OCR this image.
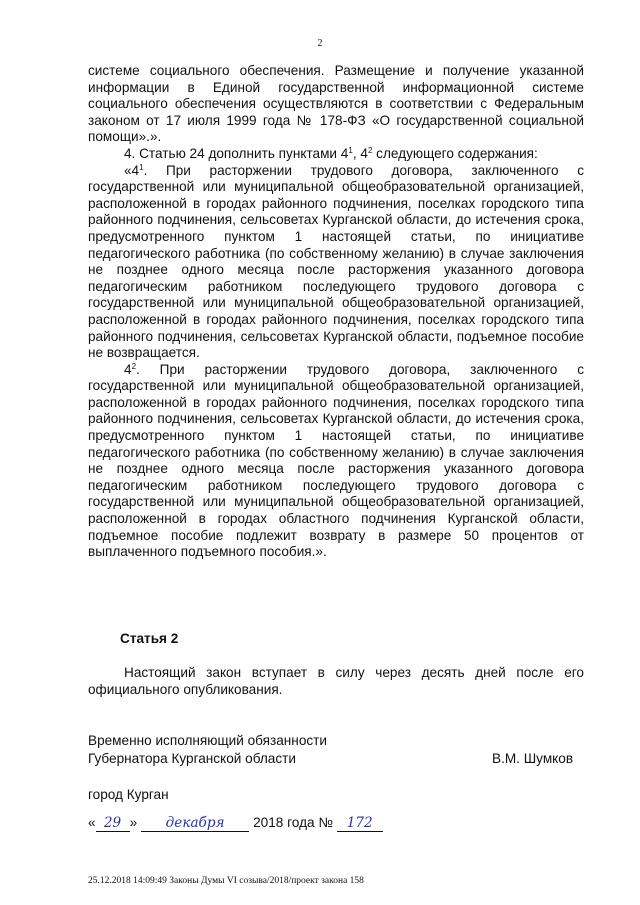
2

системе социального обеспечения. Размещение и получение указанной информации в Единой государственной информационной системе социального обеспечения осуществляются в соответствии с Федеральным законом от 17 июля 1999 года № 178-ФЗ «О государственной социальной помощи».».

4. Статью 24 дополнить пунктами $4^1$, $4^2$ следующего содержания:

«$4^1$. При расторжении трудового договора, заключенного с государственной или муниципальной общеобразовательной организацией, расположенной в городах районного подчинения, поселках городского типа районного подчинения, сельсоветах Курганской области, до истечения срока, предусмотренного пунктом 1 настоящей статьи, по инициативе педагогического работника (по собственному желанию) в случае заключения не позднее одного месяца после расторжения указанного договора педагогическим работником последующего трудового договора с государственной или муниципальной общеобразовательной организацией, расположенной в городах районного подчинения, поселках городского типа районного подчинения, сельсоветах Курганской области, подъемное пособие не возвращается.

$4^2$. При расторжении трудового договора, заключенного с государственной или муниципальной общеобразовательной организацией, расположенной в городах районного подчинения, поселках городского типа районного подчинения, сельсоветах Курганской области, до истечения срока, предусмотренного пунктом 1 настоящей статьи, по инициативе педагогического работника (по собственному желанию) в случае заключения не позднее одного месяца после расторжения указанного договора педагогическим работником последующего трудового договора с государственной или муниципальной общеобразовательной организацией, расположенной в городах областного подчинения Курганской области, подъемное пособие подлежит возврату в размере 50 процентов от выплаченного подъемного пособия.».

Статья 2
Настоящий закон вступает в силу через десять дней после его официального опубликования.
Временно исполняющий обязанности
Губернатора Курганской области	В.М. Шумков
город Курган
« 29 » декабря 2018 года № 172
25.12.2018 14:09:49 Законы Думы VI созыва/2018/проект закона 158
